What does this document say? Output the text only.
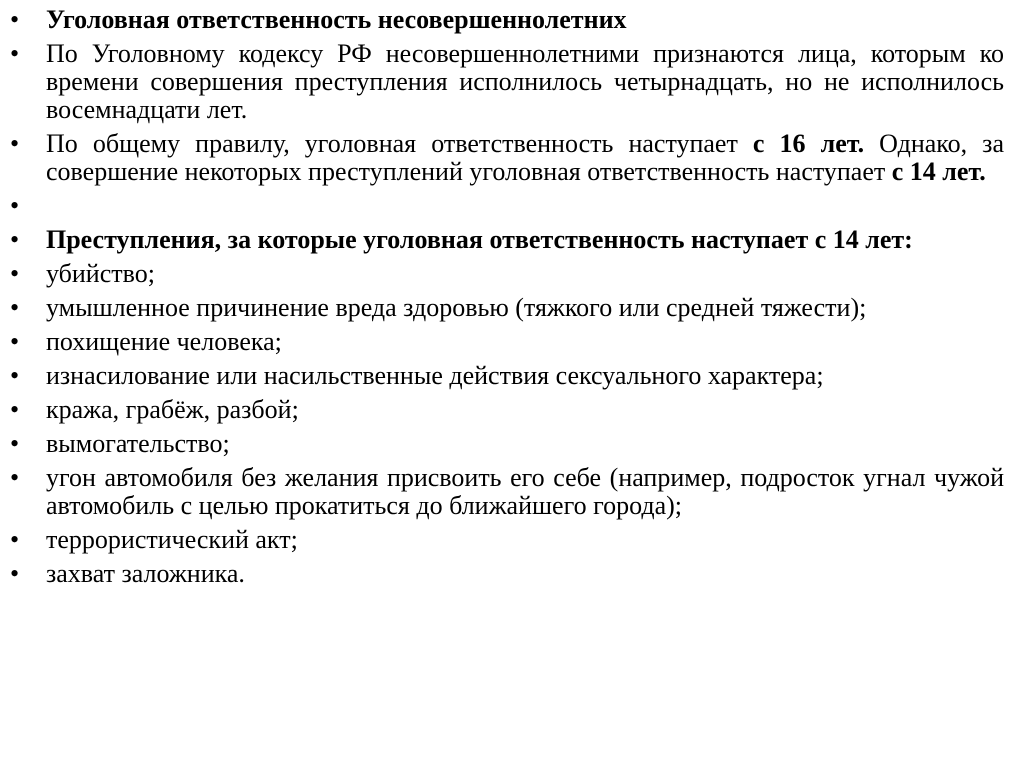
•	Уголовная ответственность несовершеннолетних
•	По Уголовному кодексу РФ несовершеннолетними признаются лица, которым ко времени совершения преступления исполнилось четырнадцать, но не исполнилось восемнадцати лет.
•	По общему правилу, уголовная ответственность наступает с 16 лет. Однако, за совершение некоторых преступлений уголовная ответственность наступает с 14 лет.
•
•	Преступления, за которые уголовная ответственность наступает с 14 лет:
•	убийство;
•	умышленное причинение вреда здоровью (тяжкого или средней тяжести);
•	похищение человека;
•	изнасилование или насильственные действия сексуального характера;
•	кража, грабёж, разбой;
•	вымогательство;
•	угон автомобиля без желания присвоить его себе (например, подросток угнал чужой автомобиль с целью прокатиться до ближайшего города);
•	террористический акт;
•	захват заложника.
